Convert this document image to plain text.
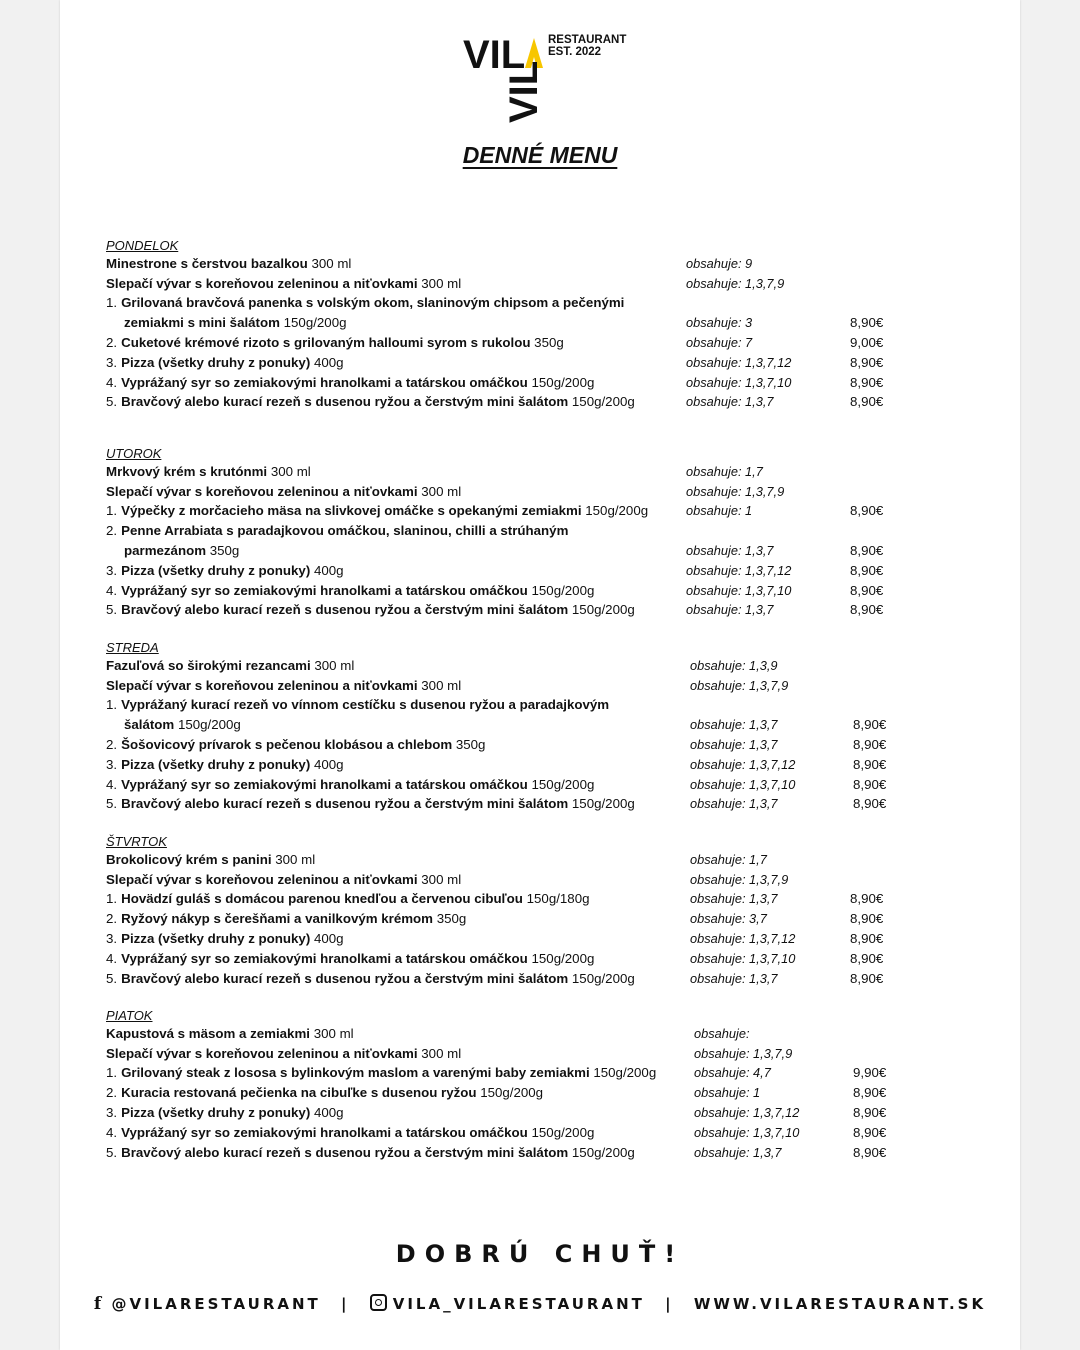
VIL
VIL
RESTAURANT
EST. 2022
DENNÉ MENU
PONDELOK
Minestrone s čerstvou bazalkou 300 ml	obsahuje: 9
Slepačí vývar s koreňovou zeleninou a niťovkami 300 ml	obsahuje: 1,3,7,9
1. Grilovaná bravčová panenka s volským okom, slaninovým chipsom a pečenými
zemiakmi s mini šalátom 150g/200g	obsahuje: 3	8,90€
2. Cuketové krémové rizoto s grilovaným halloumi syrom s rukolou 350g	obsahuje: 7	9,00€
3. Pizza (všetky druhy z ponuky) 400g	obsahuje: 1,3,7,12	8,90€
4. Vyprážaný syr so zemiakovými hranolkami a tatárskou omáčkou 150g/200g	obsahuje: 1,3,7,10	8,90€
5. Bravčový alebo kurací rezeň s dusenou ryžou a čerstvým mini šalátom 150g/200g	obsahuje: 1,3,7	8,90€
UTOROK
Mrkvový krém s krutónmi 300 ml	obsahuje: 1,7
Slepačí vývar s koreňovou zeleninou a niťovkami 300 ml	obsahuje: 1,3,7,9
1. Výpečky z morčacieho mäsa na slivkovej omáčke s opekanými zemiakmi 150g/200g	obsahuje: 1	8,90€
2. Penne Arrabiata s paradajkovou omáčkou, slaninou, chilli a strúhaným
parmezánom 350g	obsahuje: 1,3,7	8,90€
3. Pizza (všetky druhy z ponuky) 400g	obsahuje: 1,3,7,12	8,90€
4. Vyprážaný syr so zemiakovými hranolkami a tatárskou omáčkou 150g/200g	obsahuje: 1,3,7,10	8,90€
5. Bravčový alebo kurací rezeň s dusenou ryžou a čerstvým mini šalátom 150g/200g	obsahuje: 1,3,7	8,90€
STREDA
Fazuľová so širokými rezancami 300 ml	obsahuje: 1,3,9
Slepačí vývar s koreňovou zeleninou a niťovkami 300 ml	obsahuje: 1,3,7,9
1. Vyprážaný kurací rezeň vo vínnom cestíčku s dusenou ryžou a paradajkovým
šalátom 150g/200g	obsahuje: 1,3,7	8,90€
2. Šošovicový prívarok s pečenou klobásou a chlebom 350g	obsahuje: 1,3,7	8,90€
3. Pizza (všetky druhy z ponuky) 400g	obsahuje: 1,3,7,12	8,90€
4. Vyprážaný syr so zemiakovými hranolkami a tatárskou omáčkou 150g/200g	obsahuje: 1,3,7,10	8,90€
5. Bravčový alebo kurací rezeň s dusenou ryžou a čerstvým mini šalátom 150g/200g	obsahuje: 1,3,7	8,90€
ŠTVRTOK
Brokolicový krém s panini 300 ml	obsahuje: 1,7
Slepačí vývar s koreňovou zeleninou a niťovkami 300 ml	obsahuje: 1,3,7,9
1. Hovädzí guláš s domácou parenou knedľou a červenou cibuľou 150g/180g	obsahuje: 1,3,7	8,90€
2. Ryžový nákyp s čerešňami a vanilkovým krémom 350g	obsahuje: 3,7	8,90€
3. Pizza (všetky druhy z ponuky) 400g	obsahuje: 1,3,7,12	8,90€
4. Vyprážaný syr so zemiakovými hranolkami a tatárskou omáčkou 150g/200g	obsahuje: 1,3,7,10	8,90€
5. Bravčový alebo kurací rezeň s dusenou ryžou a čerstvým mini šalátom 150g/200g	obsahuje: 1,3,7	8,90€
PIATOK
Kapustová s mäsom a zemiakmi 300 ml	obsahuje:
Slepačí vývar s koreňovou zeleninou a niťovkami 300 ml	obsahuje: 1,3,7,9
1. Grilovaný steak z lososa s bylinkovým maslom a varenými baby zemiakmi 150g/200g	obsahuje: 4,7	9,90€
2. Kuracia restovaná pečienka na cibuľke s dusenou ryžou 150g/200g	obsahuje: 1	8,90€
3. Pizza (všetky druhy z ponuky) 400g	obsahuje: 1,3,7,12	8,90€
4. Vyprážaný syr so zemiakovými hranolkami a tatárskou omáčkou 150g/200g	obsahuje: 1,3,7,10	8,90€
5. Bravčový alebo kurací rezeň s dusenou ryžou a čerstvým mini šalátom 150g/200g	obsahuje: 1,3,7	8,90€
DOBRÚ CHUŤ!
f @VILARESTAURANT |	VILA_VILARESTAURANT | WWW.VILARESTAURANT.SK
